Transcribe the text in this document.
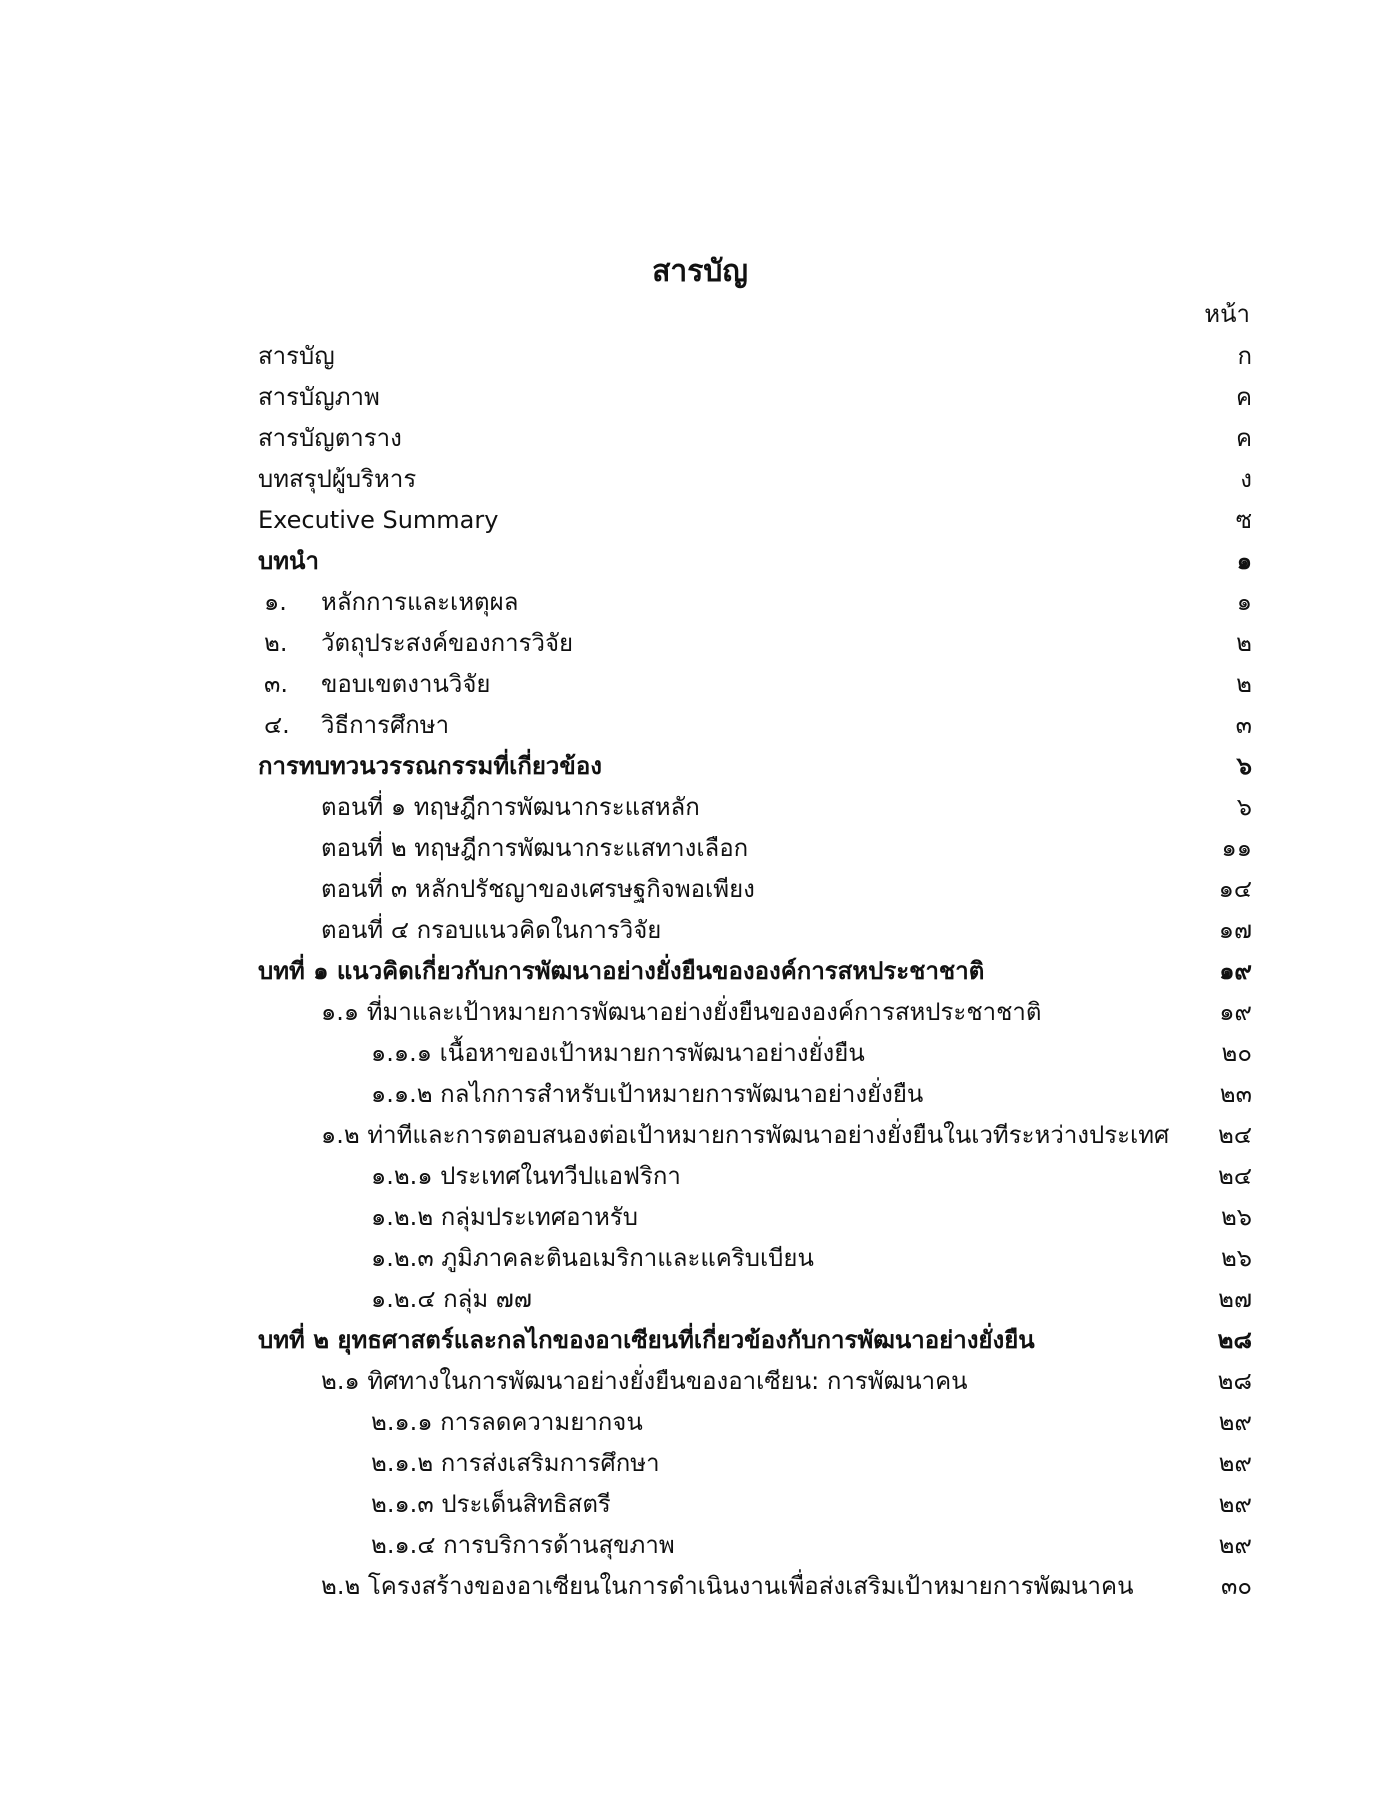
สารบัญ
หน้า
สารบัญ	ก
สารบัญภาพ	ค
สารบัญตาราง	ค
บทสรุปผู้บริหาร	ง
Executive Summary	ซ
บทนำ	๑
๑. หลักการและเหตุผล	๑
๒. วัตถุประสงค์ของการวิจัย	๒
๓. ขอบเขตงานวิจัย	๒
๔. วิธีการศึกษา	๓
การทบทวนวรรณกรรมที่เกี่ยวข้อง	๖
ตอนที่ ๑ ทฤษฎีการพัฒนากระแสหลัก	๖
ตอนที่ ๒ ทฤษฎีการพัฒนากระแสทางเลือก	๑๑
ตอนที่ ๓ หลักปรัชญาของเศรษฐกิจพอเพียง	๑๔
ตอนที่ ๔ กรอบแนวคิดในการวิจัย	๑๗
บทที่ ๑ แนวคิดเกี่ยวกับการพัฒนาอย่างยั่งยืนขององค์การสหประชาชาติ	๑๙
๑.๑ ที่มาและเป้าหมายการพัฒนาอย่างยั่งยืนขององค์การสหประชาชาติ	๑๙
๑.๑.๑ เนื้อหาของเป้าหมายการพัฒนาอย่างยั่งยืน	๒๐
๑.๑.๒ กลไกการสำหรับเป้าหมายการพัฒนาอย่างยั่งยืน	๒๓
๑.๒ ท่าทีและการตอบสนองต่อเป้าหมายการพัฒนาอย่างยั่งยืนในเวทีระหว่างประเทศ	๒๔
๑.๒.๑ ประเทศในทวีปแอฟริกา	๒๔
๑.๒.๒ กลุ่มประเทศอาหรับ	๒๖
๑.๒.๓ ภูมิภาคละตินอเมริกาและแคริบเบียน	๒๖
๑.๒.๔ กลุ่ม ๗๗	๒๗
บทที่ ๒ ยุทธศาสตร์และกลไกของอาเซียนที่เกี่ยวข้องกับการพัฒนาอย่างยั่งยืน	๒๘
๒.๑ ทิศทางในการพัฒนาอย่างยั่งยืนของอาเซียน: การพัฒนาคน	๒๘
๒.๑.๑ การลดความยากจน	๒๙
๒.๑.๒ การส่งเสริมการศึกษา	๒๙
๒.๑.๓ ประเด็นสิทธิสตรี	๒๙
๒.๑.๔ การบริการด้านสุขภาพ	๒๙
๒.๒ โครงสร้างของอาเซียนในการดำเนินงานเพื่อส่งเสริมเป้าหมายการพัฒนาคน	๓๐
